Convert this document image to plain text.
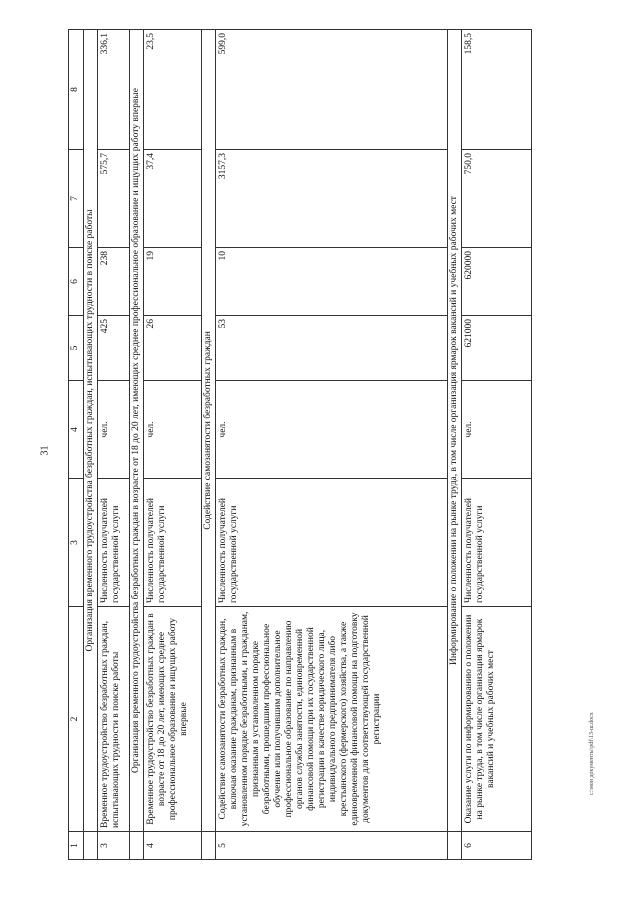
31
c:\мои документы\pdf\13-ш.docx
1	2	3	4	5	6	7	8
	Организация временного трудоустройства безработных граждан, испытывающих трудности в поиске работы						
3	Временное трудоустройство безработных граждан, испытывающих трудности в поиске работы	Численность получателей государственной услуги	чел.	425	238	575,7	336,1
	Организация временного трудоустройства безработных граждан в возрасте от 18 до 20 лет, имеющих среднее профессиональное образование и ищущих работу впервые						
4	Временное трудоустройство безработных граждан в возрасте от 18 до 20 лет, имеющих среднее профессиональное образование и ищущих работу впервые	Численность получателей государственной услуги	чел.	26	19	37,4	23,5
	Содействие самозанятости безработных граждан						
5	Содействие самозанятости безработных граждан, включая оказание гражданам, признанным в установленном порядке безработными, и гражданам, признанным в установленном порядке безработными, прошедшим профессиональное обучение или получившим дополнительное профессиональное образование по направлению органов службы занятости, единовременной финансовой помощи при их государственной регистрации в качестве юридического лица, индивидуального предпринимателя либо крестьянского (фермерского) хозяйства, а также единовременной финансовой помощи на подготовку документов для соответствующей государственной регистрации	Численность получателей государственной услуги	чел.	53	10	3157,3	599,0
	Информирование о положении на рынке труда, в том числе организация ярмарок вакансий и учебных рабочих мест						
6	Оказание услуги по информированию о положении на рынке труда, в том числе организация ярмарок вакансий и учебных рабочих мест	Численность получателей государственной услуги	чел.	621000	620000	750,0	158,5
